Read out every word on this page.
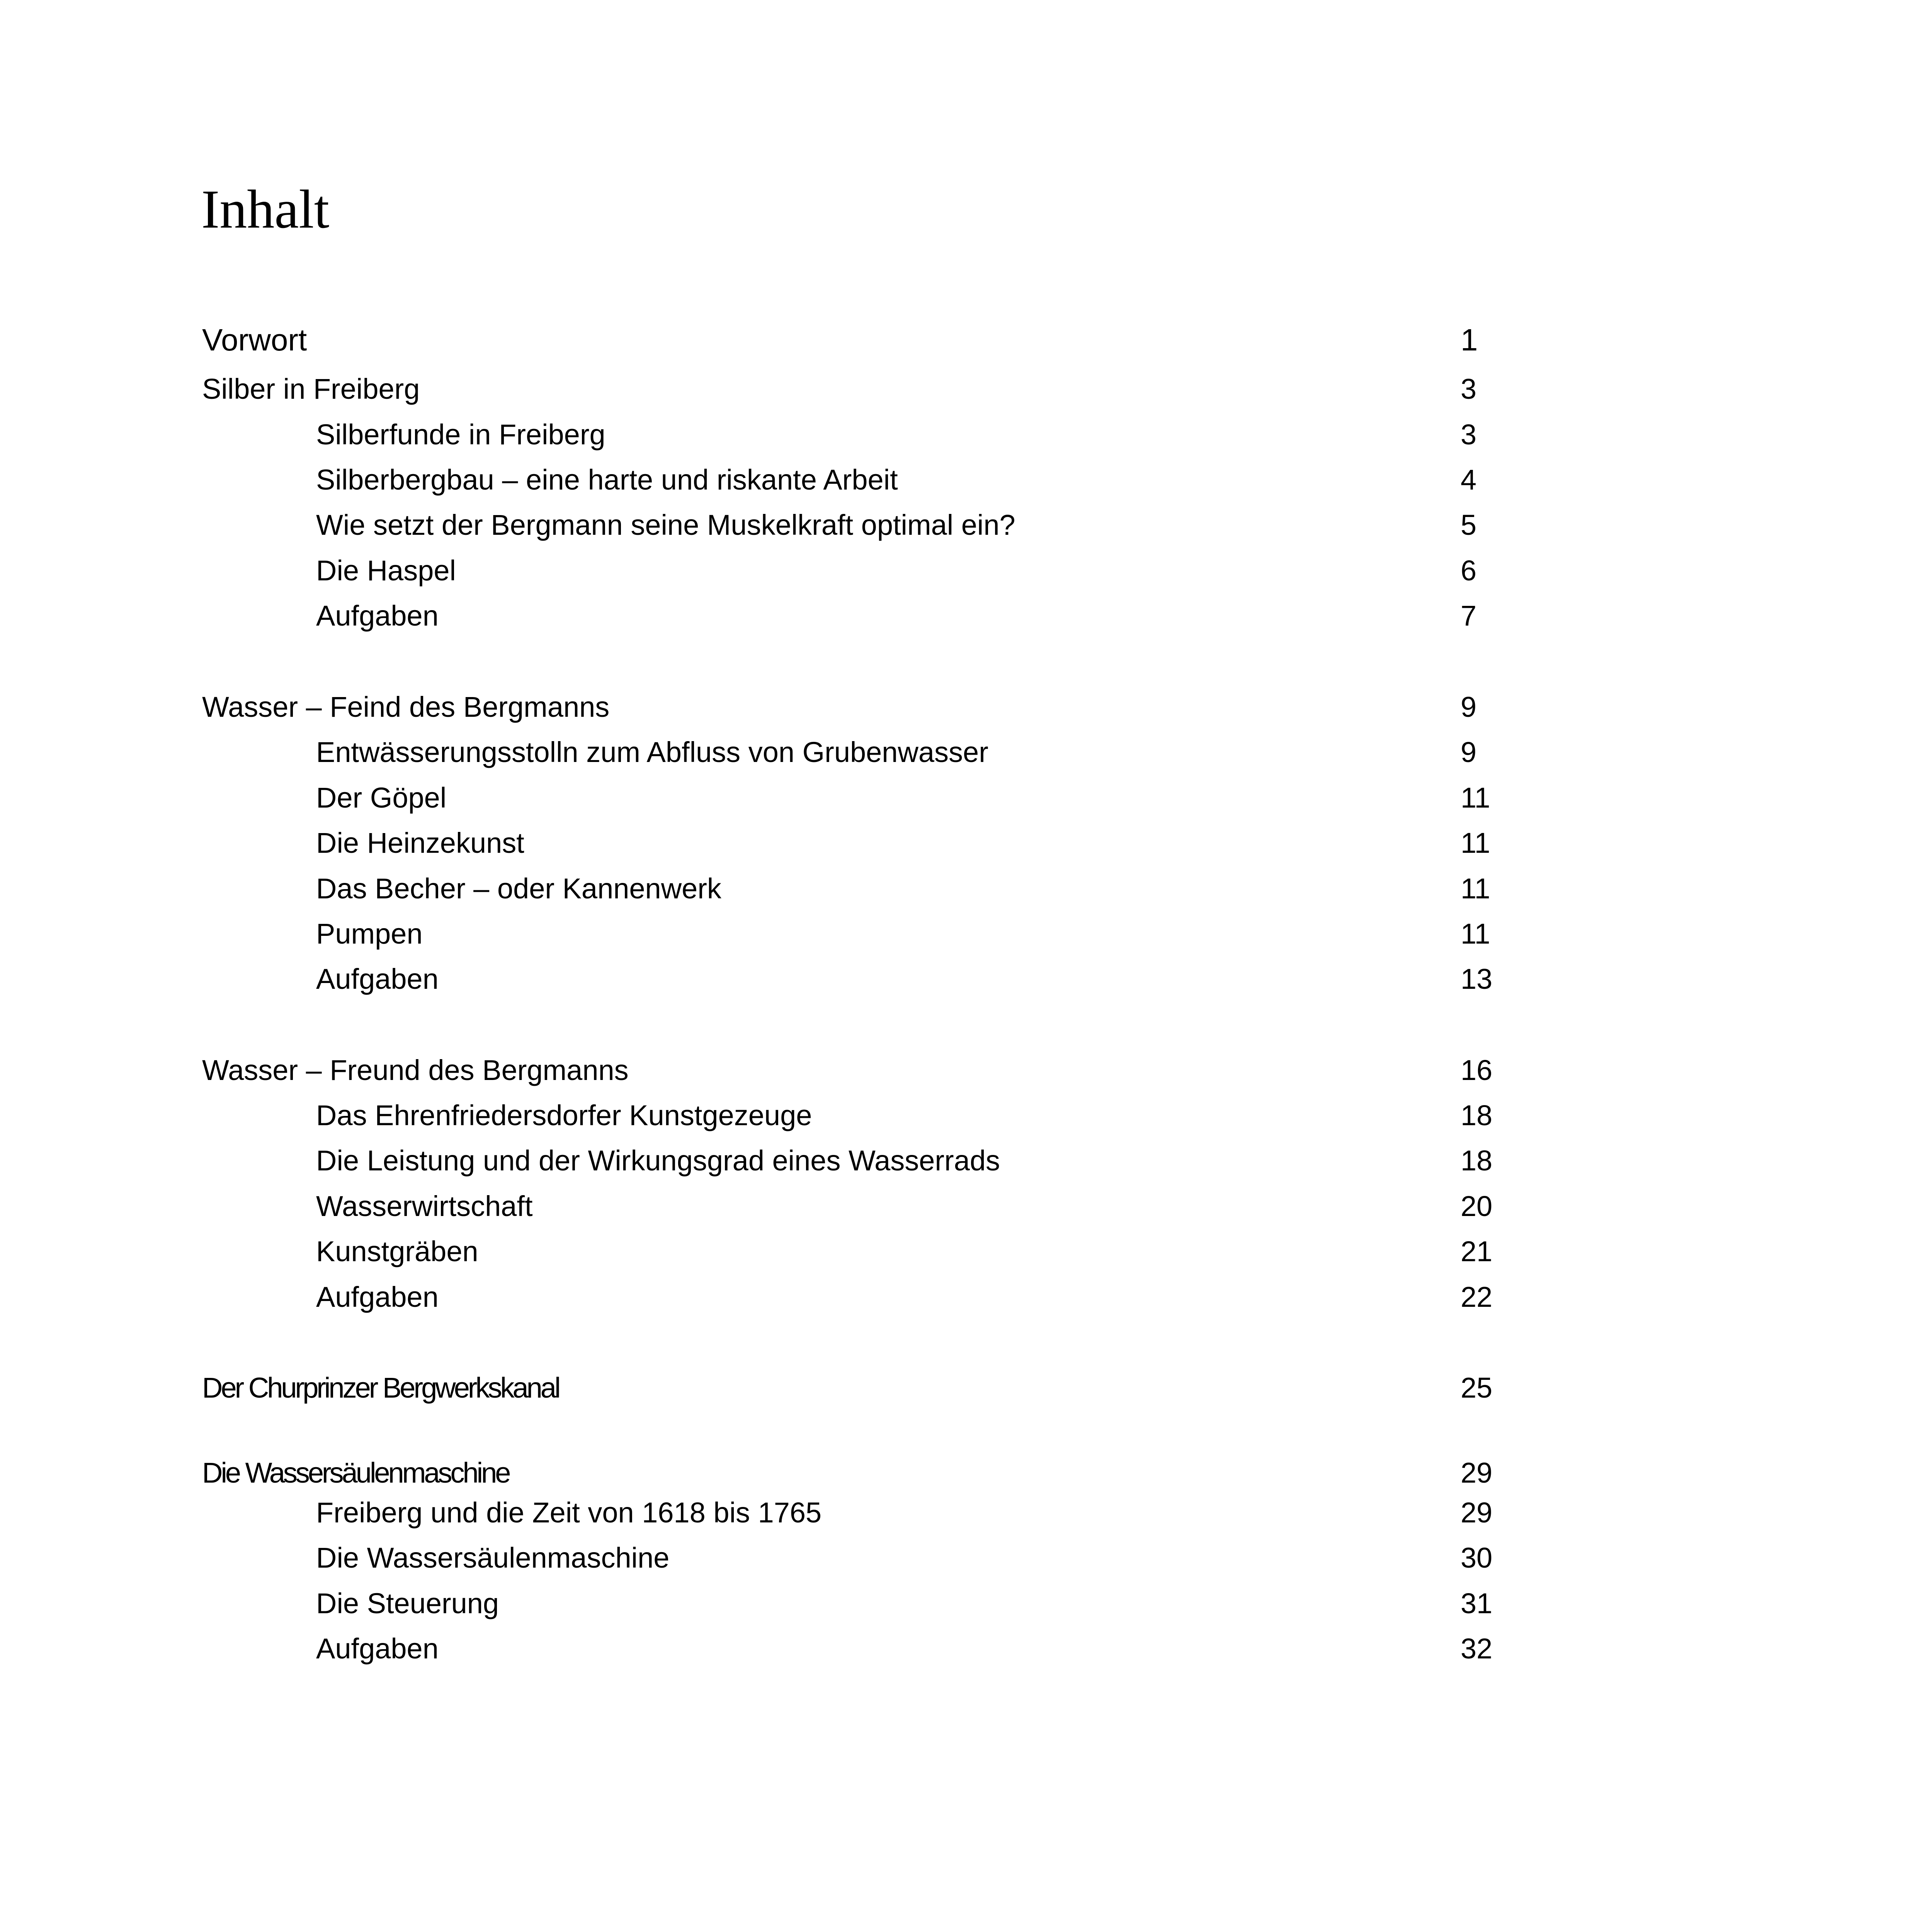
Inhalt
Vorwort	1
Silber in Freiberg	3
Silberfunde in Freiberg	3
Silberbergbau – eine harte und riskante Arbeit	4
Wie setzt der Bergmann seine Muskelkraft optimal ein?	5
Die Haspel	6
Aufgaben	7
Wasser – Feind des Bergmanns	9
Entwässerungsstolln zum Abfluss von Grubenwasser	9
Der Göpel	11
Die Heinzekunst	11
Das Becher – oder Kannenwerk	11
Pumpen	11
Aufgaben	13
Wasser – Freund des Bergmanns	16
Das Ehrenfriedersdorfer Kunstgezeuge	18
Die Leistung und der Wirkungsgrad eines Wasserrads	18
Wasserwirtschaft	20
Kunstgräben	21
Aufgaben	22
Der Churprinzer Bergwerkskanal	25
Die Wassersäulenmaschine	29
Freiberg und die Zeit von 1618 bis 1765	29
Die Wassersäulenmaschine	30
Die Steuerung	31
Aufgaben	32
